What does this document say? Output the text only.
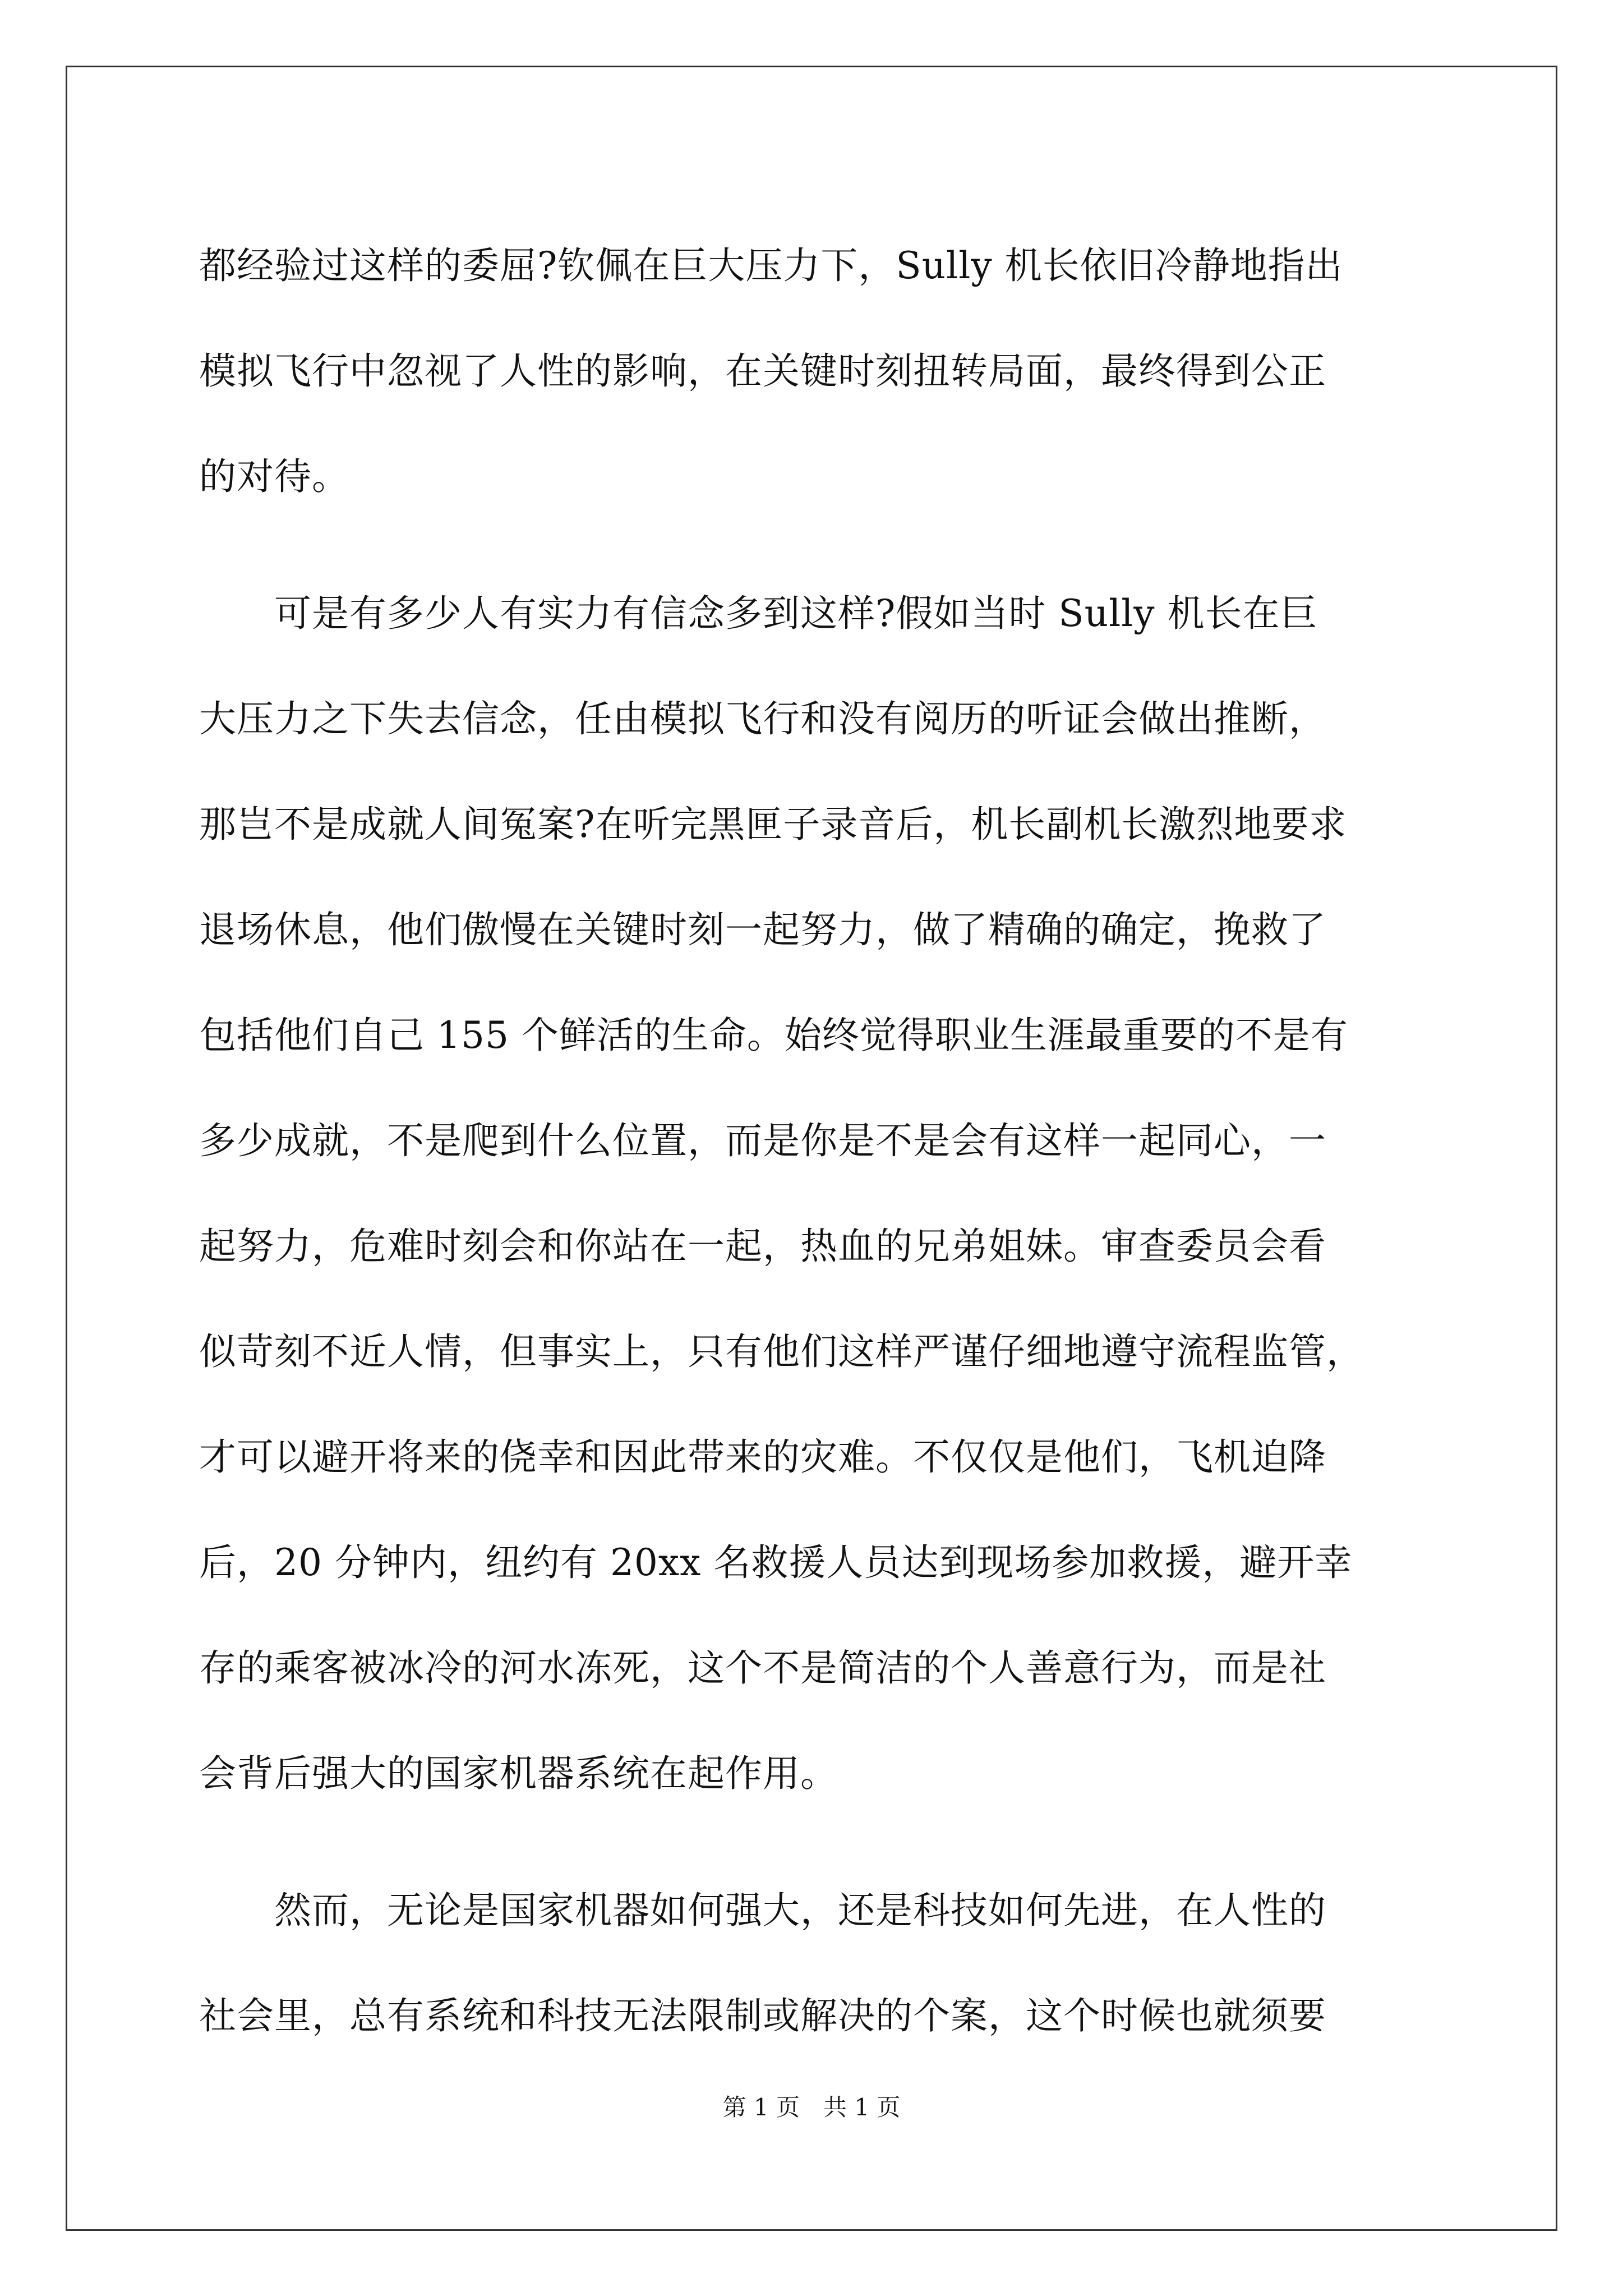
都经验过这样的委屈?钦佩在巨大压力下，Sully 机长依旧冷静地指出
模拟飞行中忽视了人性的影响，在关键时刻扭转局面，最终得到公正
的对待。
　　可是有多少人有实力有信念多到这样?假如当时 Sully 机长在巨
大压力之下失去信念，任由模拟飞行和没有阅历的听证会做出推断，
那岂不是成就人间冤案?在听完黑匣子录音后，机长副机长激烈地要求
退场休息，他们傲慢在关键时刻一起努力，做了精确的确定，挽救了
包括他们自己 155 个鲜活的生命。始终觉得职业生涯最重要的不是有
多少成就，不是爬到什么位置，而是你是不是会有这样一起同心，一
起努力，危难时刻会和你站在一起，热血的兄弟姐妹。审查委员会看
似苛刻不近人情，但事实上，只有他们这样严谨仔细地遵守流程监管，
才可以避开将来的侥幸和因此带来的灾难。不仅仅是他们，飞机迫降
后，20 分钟内，纽约有 20xx 名救援人员达到现场参加救援，避开幸
存的乘客被冰冷的河水冻死，这个不是简洁的个人善意行为，而是社
会背后强大的国家机器系统在起作用。
　　然而，无论是国家机器如何强大，还是科技如何先进，在人性的
社会里，总有系统和科技无法限制或解决的个案，这个时候也就须要
第 1 页　共 1 页
